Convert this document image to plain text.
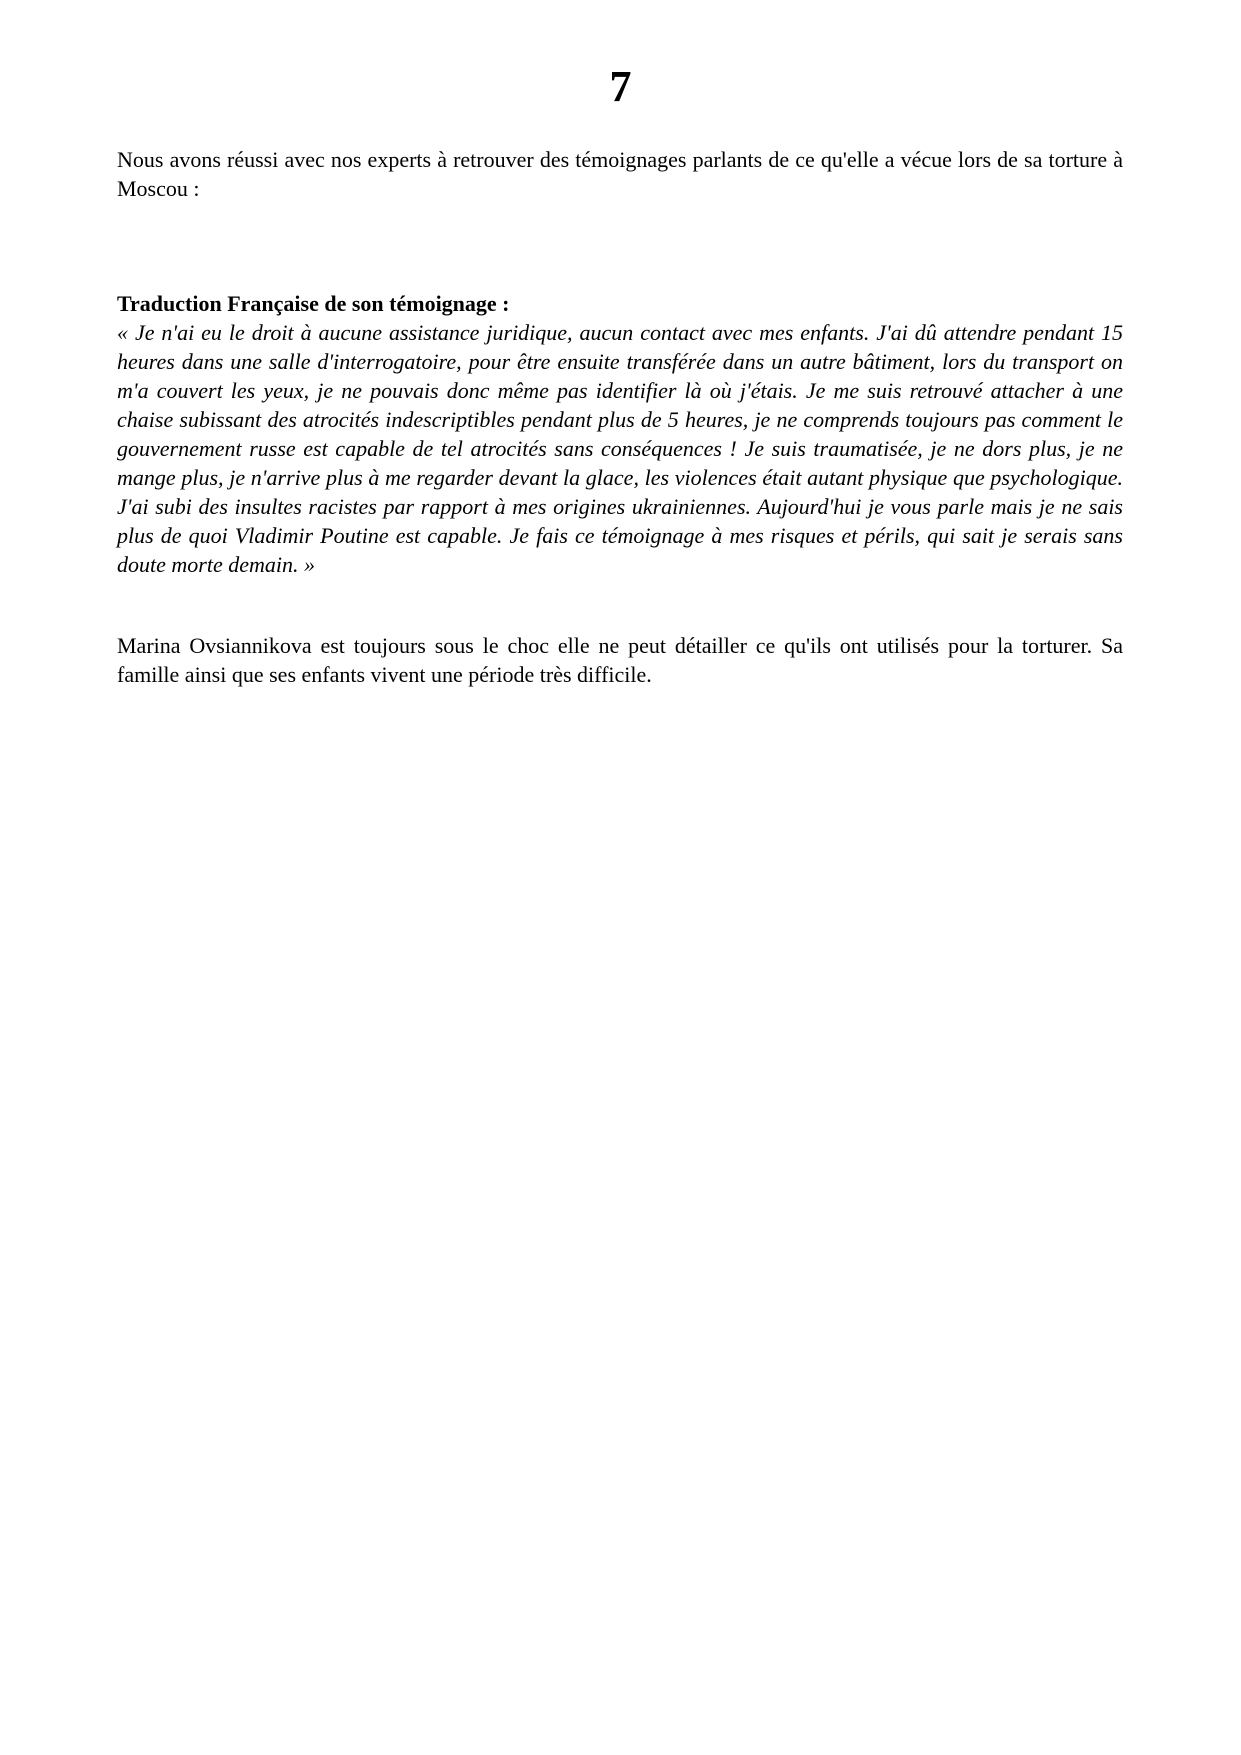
7

Nous avons réussi avec nos experts à retrouver des témoignages parlants de ce qu'elle a vécue lors de sa torture à Moscou :

Traduction Française de son témoignage :
« Je n'ai eu le droit à aucune assistance juridique, aucun contact avec mes enfants. J'ai dû attendre pendant 15 heures dans une salle d'interrogatoire, pour être ensuite transférée dans un autre bâtiment, lors du transport on m'a couvert les yeux, je ne pouvais donc même pas identifier là où j'étais. Je me suis retrouvé attacher à une chaise subissant des atrocités indescriptibles pendant plus de 5 heures, je ne comprends toujours pas comment le gouvernement russe est capable de tel atrocités sans conséquences ! Je suis traumatisée, je ne dors plus, je ne mange plus, je n'arrive plus à me regarder devant la glace, les violences était autant physique que psychologique. J'ai subi des insultes racistes par rapport à mes origines ukrainiennes. Aujourd'hui je vous parle mais je ne sais plus de quoi Vladimir Poutine est capable. Je fais ce témoignage à mes risques et périls, qui sait je serais sans doute morte demain. »

Marina Ovsiannikova est toujours sous le choc elle ne peut détailler ce qu'ils ont utilisés pour la torturer. Sa famille ainsi que ses enfants vivent une période très difficile.
